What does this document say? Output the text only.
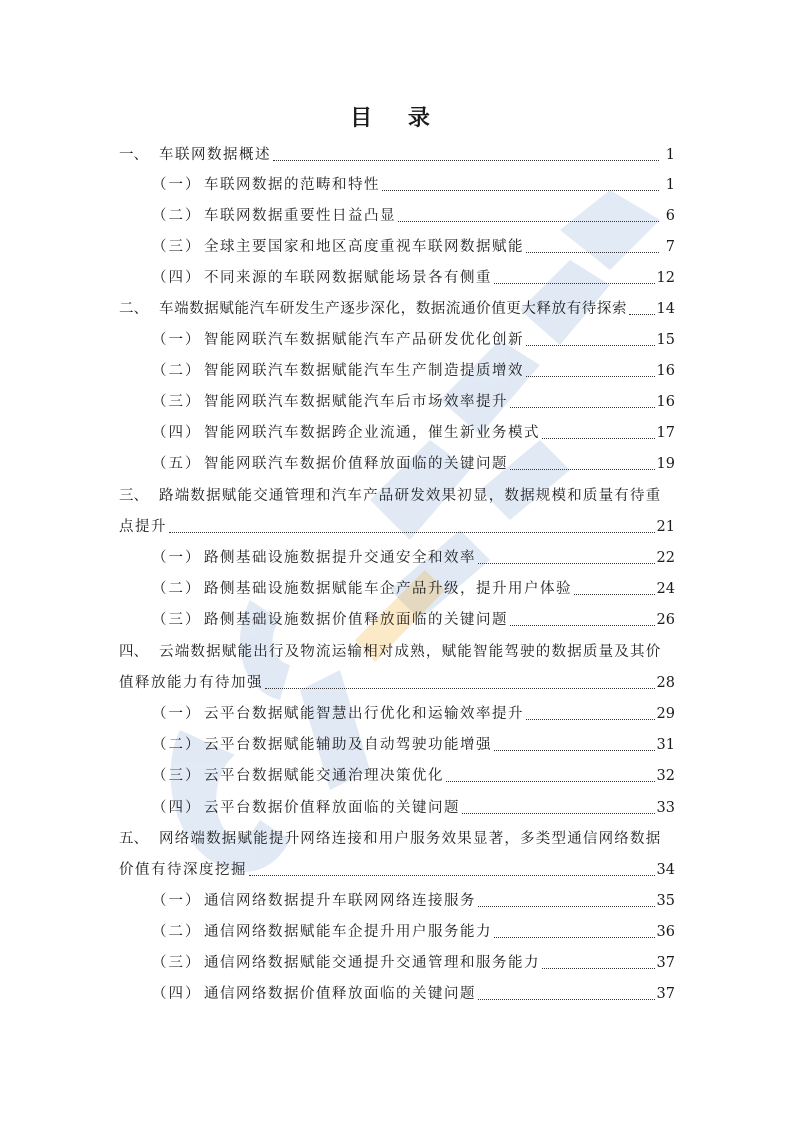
目 录
一、 车联网数据概述	1
（一） 车联网数据的范畴和特性	1
（二） 车联网数据重要性日益凸显	6
（三） 全球主要国家和地区高度重视车联网数据赋能	7
（四） 不同来源的车联网数据赋能场景各有侧重	12
二、 车端数据赋能汽车研发生产逐步深化，数据流通价值更大释放有待探索 14
（一） 智能网联汽车数据赋能汽车产品研发优化创新	15
（二） 智能网联汽车数据赋能汽车生产制造提质增效	16
（三） 智能网联汽车数据赋能汽车后市场效率提升	16
（四） 智能网联汽车数据跨企业流通，催生新业务模式	17
（五） 智能网联汽车数据价值释放面临的关键问题	19
三、 路端数据赋能交通管理和汽车产品研发效果初显，数据规模和质量有待重
点提升	21
（一） 路侧基础设施数据提升交通安全和效率	22
（二） 路侧基础设施数据赋能车企产品升级，提升用户体验	24
（三） 路侧基础设施数据价值释放面临的关键问题	26
四、 云端数据赋能出行及物流运输相对成熟，赋能智能驾驶的数据质量及其价
值释放能力有待加强	28
（一） 云平台数据赋能智慧出行优化和运输效率提升	29
（二） 云平台数据赋能辅助及自动驾驶功能增强	31
（三） 云平台数据赋能交通治理决策优化	32
（四） 云平台数据价值释放面临的关键问题	33
五、 网络端数据赋能提升网络连接和用户服务效果显著，多类型通信网络数据
价值有待深度挖掘	34
（一） 通信网络数据提升车联网网络连接服务	35
（二） 通信网络数据赋能车企提升用户服务能力	36
（三） 通信网络数据赋能交通提升交通管理和服务能力	37
（四） 通信网络数据价值释放面临的关键问题	37
